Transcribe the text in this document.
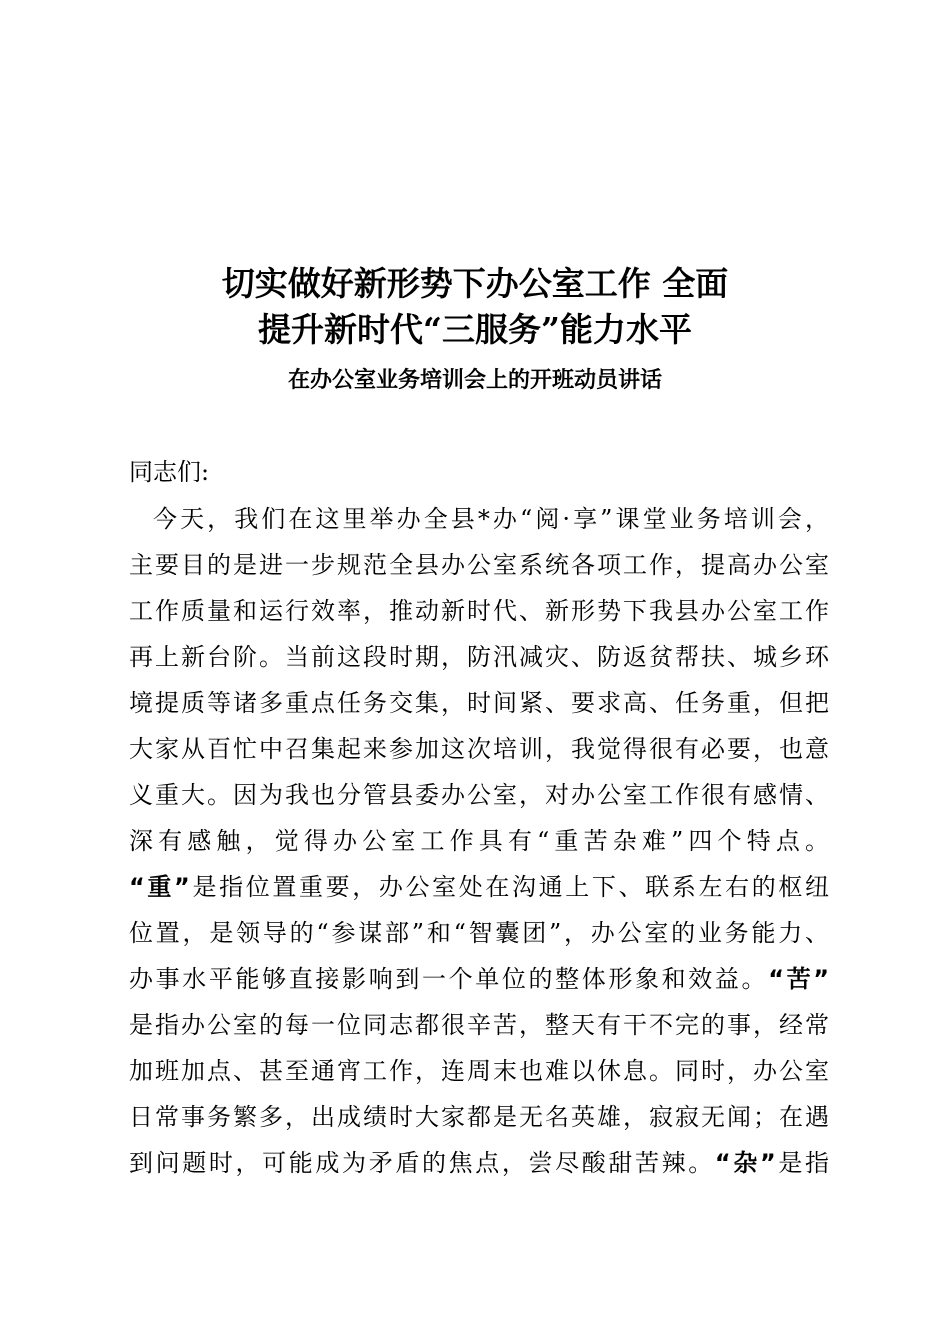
切实做好新形势下办公室工作 全面
提升新时代“三服务”能力水平
在办公室业务培训会上的开班动员讲话
同志们:
今天，我们在这里举办全县*办“阅·享”课堂业务培训会，
主要目的是进一步规范全县办公室系统各项工作，提高办公室
工作质量和运行效率，推动新时代、新形势下我县办公室工作
再上新台阶。当前这段时期，防汛减灾、防返贫帮扶、城乡环
境提质等诸多重点任务交集，时间紧、要求高、任务重，但把
大家从百忙中召集起来参加这次培训，我觉得很有必要，也意
义重大。因为我也分管县委办公室，对办公室工作很有感情、
深有感触，觉得办公室工作具有“重苦杂难”四个特点。
“重”是指位置重要，办公室处在沟通上下、联系左右的枢纽
位置，是领导的“参谋部”和“智囊团”，办公室的业务能力、
办事水平能够直接影响到一个单位的整体形象和效益。“苦”
是指办公室的每一位同志都很辛苦，整天有干不完的事，经常
加班加点、甚至通宵工作，连周末也难以休息。同时，办公室
日常事务繁多，出成绩时大家都是无名英雄，寂寂无闻；在遇
到问题时，可能成为矛盾的焦点，尝尽酸甜苦辣。“杂”是指
